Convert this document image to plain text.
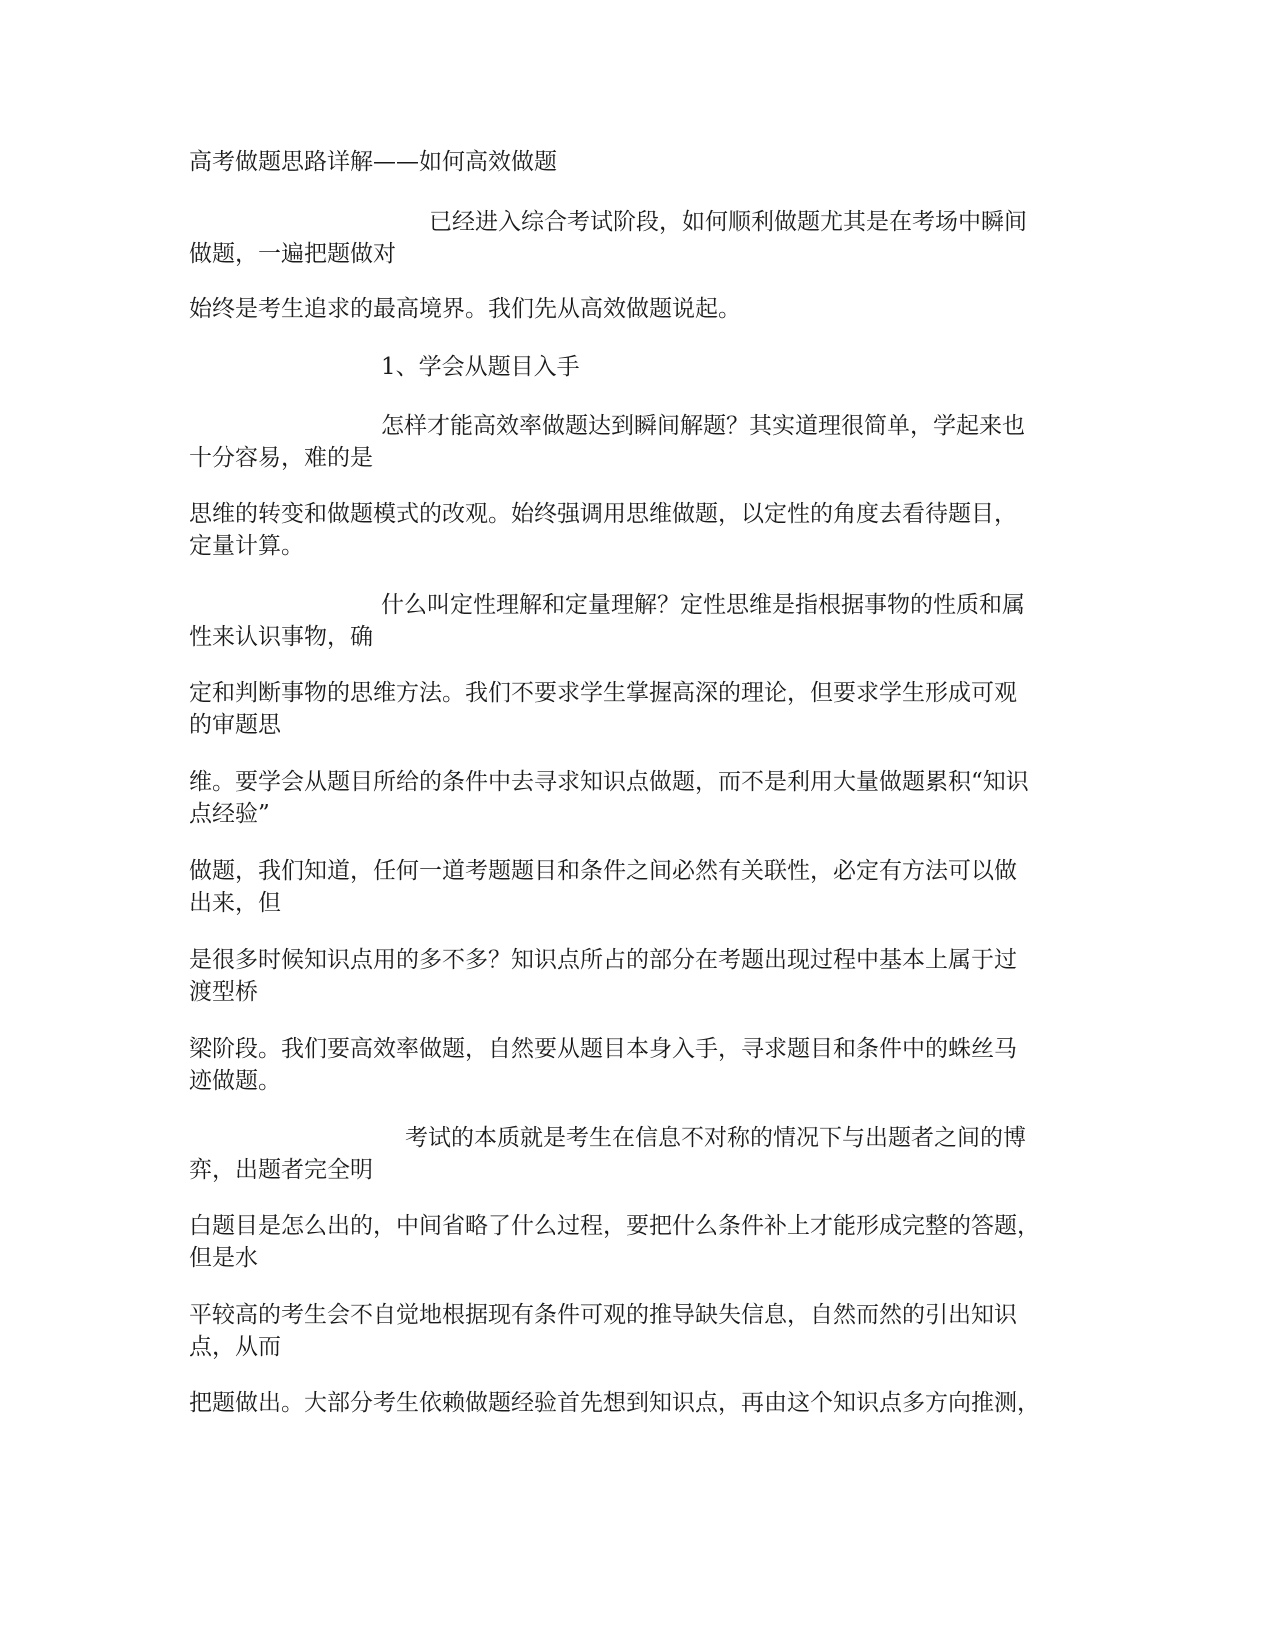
高考做题思路详解——如何高效做题
已经进入综合考试阶段，如何顺利做题尤其是在考场中瞬间
做题，一遍把题做对
始终是考生追求的最高境界。我们先从高效做题说起。
1、学会从题目入手
怎样才能高效率做题达到瞬间解题？其实道理很简单，学起来也
十分容易，难的是
思维的转变和做题模式的改观。始终强调用思维做题，以定性的角度去看待题目，
定量计算。
什么叫定性理解和定量理解？定性思维是指根据事物的性质和属
性来认识事物，确
定和判断事物的思维方法。我们不要求学生掌握高深的理论，但要求学生形成可观
的审题思
维。要学会从题目所给的条件中去寻求知识点做题，而不是利用大量做题累积“知识
点经验”
做题，我们知道，任何一道考题题目和条件之间必然有关联性，必定有方法可以做
出来，但
是很多时候知识点用的多不多？知识点所占的部分在考题出现过程中基本上属于过
渡型桥
梁阶段。我们要高效率做题，自然要从题目本身入手，寻求题目和条件中的蛛丝马
迹做题。
考试的本质就是考生在信息不对称的情况下与出题者之间的博
弈，出题者完全明
白题目是怎么出的，中间省略了什么过程，要把什么条件补上才能形成完整的答题，
但是水
平较高的考生会不自觉地根据现有条件可观的推导缺失信息，自然而然的引出知识
点，从而
把题做出。大部分考生依赖做题经验首先想到知识点，再由这个知识点多方向推测，
